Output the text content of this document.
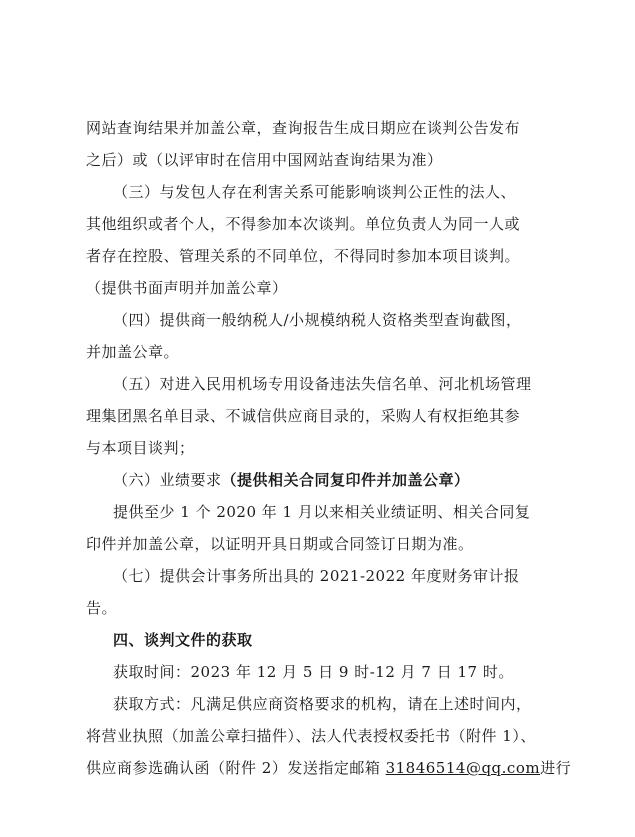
网站查询结果并加盖公章，查询报告生成日期应在谈判公告发布
之后）或（以评审时在信用中国网站查询结果为准）
（三）与发包人存在利害关系可能影响谈判公正性的法人、
其他组织或者个人，不得参加本次谈判。单位负责人为同一人或
者存在控股、管理关系的不同单位，不得同时参加本项目谈判。
（提供书面声明并加盖公章）
（四）提供商一般纳税人/小规模纳税人资格类型查询截图，
并加盖公章。
（五）对进入民用机场专用设备违法失信名单、河北机场管理
理集团黑名单目录、不诚信供应商目录的，采购人有权拒绝其参
与本项目谈判；
（六）业绩要求（提供相关合同复印件并加盖公章）
提供至少 1 个 2020 年 1 月以来相关业绩证明、相关合同复
印件并加盖公章，以证明开具日期或合同签订日期为准。
（七）提供会计事务所出具的 2021-2022 年度财务审计报
告。
四、谈判文件的获取
获取时间：2023 年 12 月 5 日 9 时-12 月 7 日 17 时。
获取方式：凡满足供应商资格要求的机构，请在上述时间内，
将营业执照（加盖公章扫描件）、法人代表授权委托书（附件 1）、
供应商参选确认函（附件 2）发送指定邮箱 31846514@qq.com进行
